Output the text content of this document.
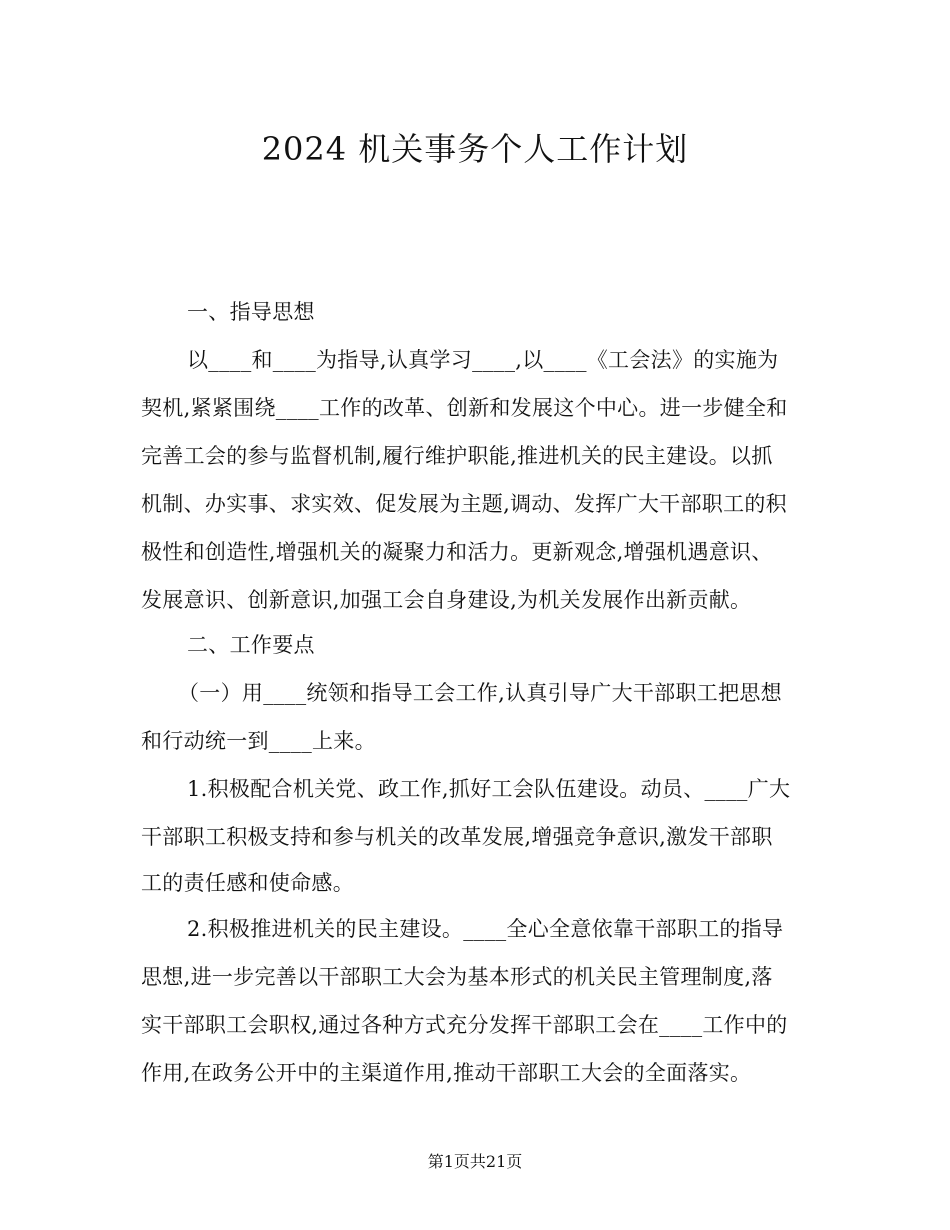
2024 机关事务个人工作计划
一、指导思想
以____和____为指导,认真学习____,以____《工会法》的实施为
契机,紧紧围绕____工作的改革、创新和发展这个中心。进一步健全和
完善工会的参与监督机制,履行维护职能,推进机关的民主建设。以抓
机制、办实事、求实效、促发展为主题,调动、发挥广大干部职工的积
极性和创造性,增强机关的凝聚力和活力。更新观念,增强机遇意识、
发展意识、创新意识,加强工会自身建设,为机关发展作出新贡献。
二、工作要点
（一）用____统领和指导工会工作,认真引导广大干部职工把思想
和行动统一到____上来。
1.积极配合机关党、政工作,抓好工会队伍建设。动员、____广大
干部职工积极支持和参与机关的改革发展,增强竞争意识,激发干部职
工的责任感和使命感。
2.积极推进机关的民主建设。____全心全意依靠干部职工的指导
思想,进一步完善以干部职工大会为基本形式的机关民主管理制度,落
实干部职工会职权,通过各种方式充分发挥干部职工会在____工作中的
作用,在政务公开中的主渠道作用,推动干部职工大会的全面落实。
第1页共21页
